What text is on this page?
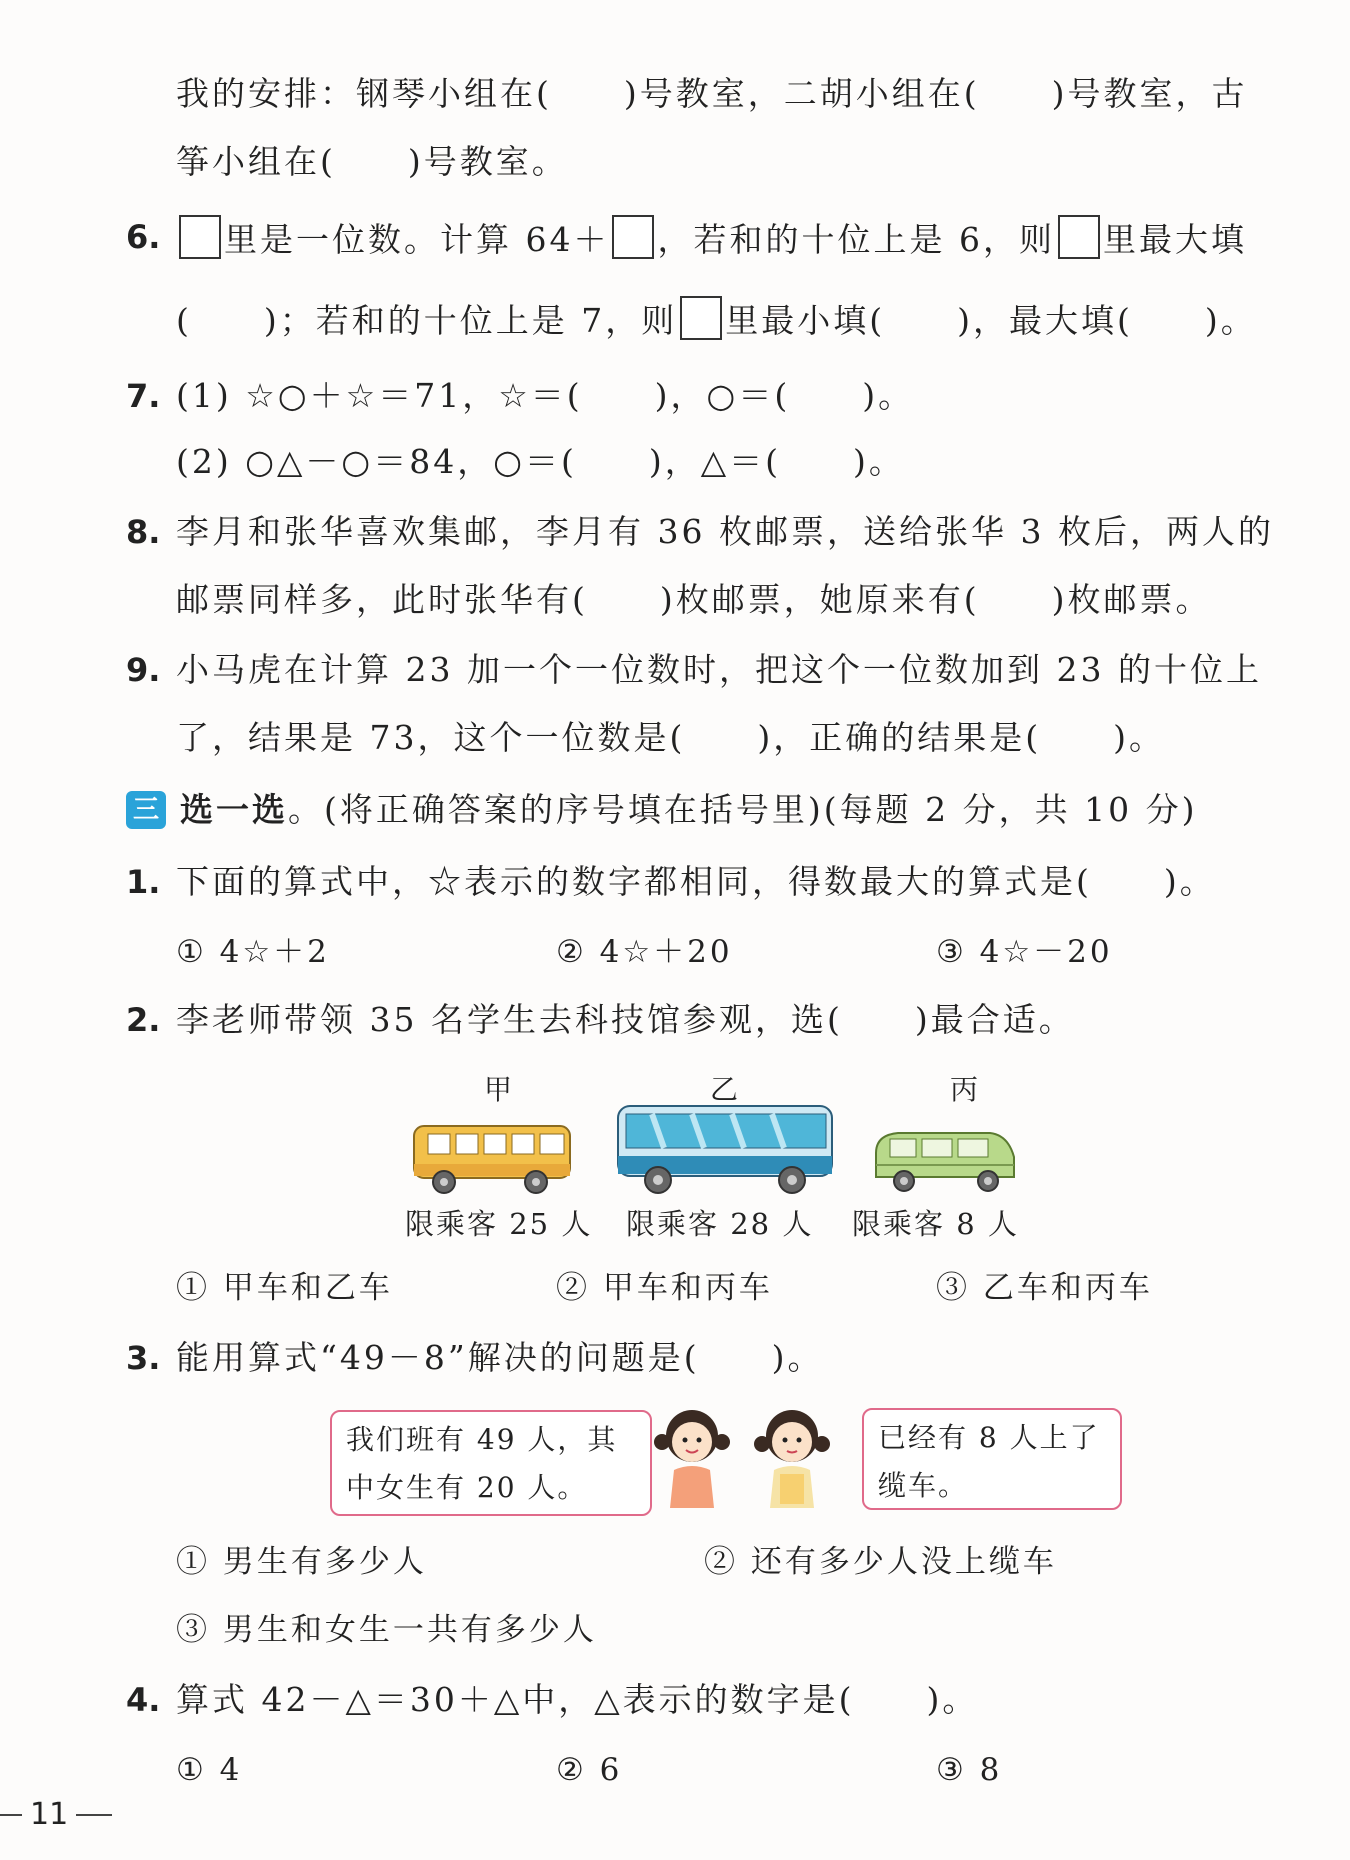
我的安排：钢琴小组在(　　)号教室，二胡小组在(　　)号教室，古
筝小组在(　　)号教室。
6.	里是一位数。计算 64＋ ，若和的十位上是 6，则 里最大填
(　　)；若和的十位上是 7，则 里最小填(　　)，最大填(　　)。
7. (1) ☆○＋☆＝71，☆＝(　　)，○＝(　　)。
(2) ○△－○＝84，○＝(　　)，△＝(　　)。
8. 李月和张华喜欢集邮，李月有 36 枚邮票，送给张华 3 枚后，两人的
邮票同样多，此时张华有(　　)枚邮票，她原来有(　　)枚邮票。
9. 小马虎在计算 23 加一个一位数时，把这个一位数加到 23 的十位上
了，结果是 73，这个一位数是(　　)，正确的结果是(　　)。
三 选一选。(将正确答案的序号填在括号里)(每题 2 分，共 10 分)
1. 下面的算式中，☆表示的数字都相同，得数最大的算式是(　　)。
① 4☆＋2	② 4☆＋20	③ 4☆－20
2. 李老师带领 35 名学生去科技馆参观，选(　　)最合适。
甲	乙	丙
限乘客 25 人 限乘客 28 人 限乘客 8 人
① 甲车和乙车	② 甲车和丙车	③ 乙车和丙车
3. 能用算式“49－8”解决的问题是(　　)。
我们班有 49 人，其
中女生有 20 人。
已经有 8 人上了
缆车。
① 男生有多少人	② 还有多少人没上缆车
③ 男生和女生一共有多少人
4. 算式 42－△＝30＋△中，△表示的数字是(　　)。
① 4	② 6	③ 8
11
